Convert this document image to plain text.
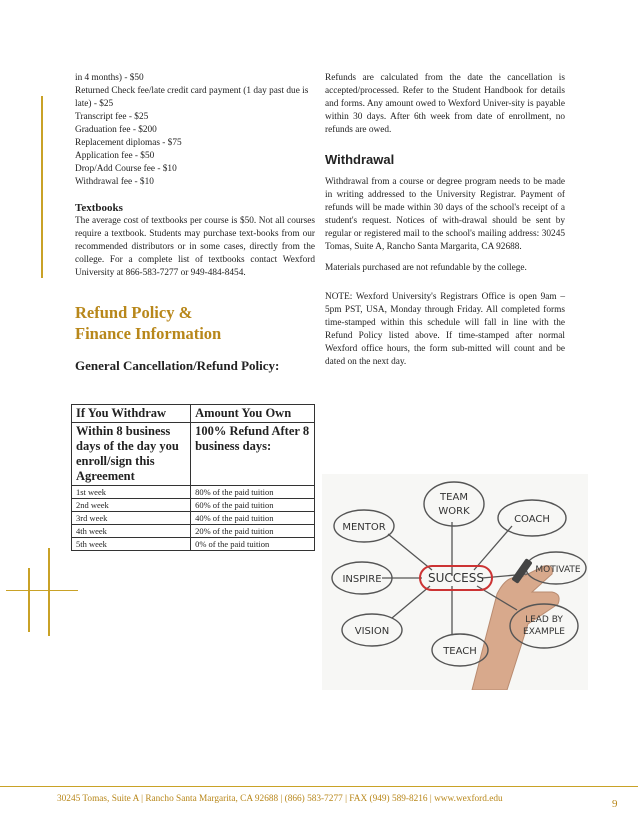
in 4 months) - $50
Returned Check fee/late credit card payment (1 day past due is late) - $25
Transcript fee - $25
Graduation fee - $200
Replacement diplomas - $75
Application fee - $50
Drop/Add Course fee - $10
Withdrawal fee - $10
Textbooks

The average cost of textbooks per course is $50. Not all courses require a textbook. Students may purchase text-books from our recommended distributors or in some cases, directly from the college. For a complete list of textbooks contact Wexford University at 866-583-7277 or 949-484-8454.

Refund Policy &
Finance Information
General Cancellation/Refund Policy:
If You Withdraw	Amount You Own
Within 8 business days of the day you enroll/sign this Agreement	100% Refund After 8 business days:
1st week	80% of the paid tuition
2nd week	60% of the paid tuition
3rd week	40% of the paid tuition
4th week	20% of the paid tuition
5th week	0% of the paid tuition

Refunds are calculated from the date the cancellation is accepted/processed. Refer to the Student Handbook for details and forms. Any amount owed to Wexford Univer-sity is payable within 30 days. After 6th week from date of enrollment, no refunds are owed.

Withdrawal

Withdrawal from a course or degree program needs to be made in writing addressed to the University Registrar. Payment of refunds will be made within 30 days of the school's receipt of a student's request. Notices of with-drawal should be sent by regular or registered mail to the school's mailing address: 30245 Tomas, Suite A, Rancho Santa Margarita, CA 92688.

Materials purchased are not refundable by the college.

NOTE: Wexford University's Registrars Office is open 9am – 5pm PST, USA, Monday through Friday. All completed forms time-stamped within this schedule will fall in line with the Refund Policy listed above. If time-stamped after normal Wexford office hours, the form sub-mitted will count and be dated on the next day.

TEAM
WORK
COACH
MENTOR
SUCCESS
MOTIVATE
INSPIRE
VISION
TEACH
LEAD BY
EXAMPLE
30245 Tomas, Suite A | Rancho Santa Margarita, CA 92688 | (866) 583-7277 | FAX (949) 589-8216 | www.wexford.edu	9
